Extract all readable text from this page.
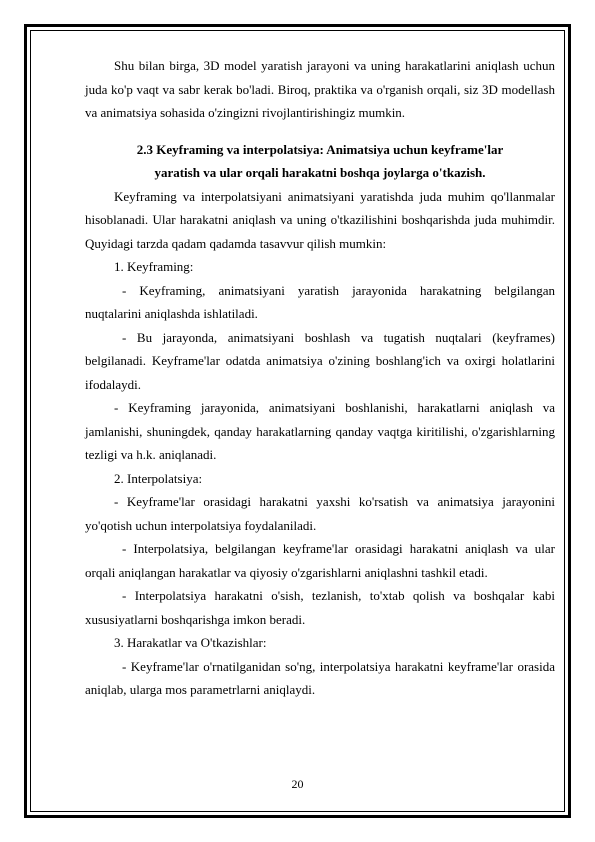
Shu bilan birga, 3D model yaratish jarayoni va uning harakatlarini aniqlash uchun juda ko'p vaqt va sabr kerak bo'ladi. Biroq, praktika va o'rganish orqali, siz 3D modellash va animatsiya sohasida o'zingizni rivojlantirishingiz mumkin.

2.3 Keyframing va interpolatsiya: Animatsiya uchun keyframe'lar
yaratish va ular orqali harakatni boshqa joylarga o'tkazish.

Keyframing va interpolatsiyani animatsiyani yaratishda juda muhim qo'llanmalar hisoblanadi. Ular harakatni aniqlash va uning o'tkazilishini boshqarishda juda muhimdir. Quyidagi tarzda qadam qadamda tasavvur qilish mumkin:

1. Keyframing:

- Keyframing, animatsiyani yaratish jarayonida harakatning belgilangan nuqtalarini aniqlashda ishlatiladi.

- Bu jarayonda, animatsiyani boshlash va tugatish nuqtalari (keyframes) belgilanadi. Keyframe'lar odatda animatsiya o'zining boshlang'ich va oxirgi holatlarini ifodalaydi.

- Keyframing jarayonida, animatsiyani boshlanishi, harakatlarni aniqlash va jamlanishi, shuningdek, qanday harakatlarning qanday vaqtga kiritilishi, o'zgarishlarning tezligi va h.k. aniqlanadi.

2. Interpolatsiya:

- Keyframe'lar orasidagi harakatni yaxshi ko'rsatish va animatsiya jarayonini yo'qotish uchun interpolatsiya foydalaniladi.

- Interpolatsiya, belgilangan keyframe'lar orasidagi harakatni aniqlash va ular orqali aniqlangan harakatlar va qiyosiy o'zgarishlarni aniqlashni tashkil etadi.

- Interpolatsiya harakatni o'sish, tezlanish, to'xtab qolish va boshqalar kabi xususiyatlarni boshqarishga imkon beradi.

3. Harakatlar va O'tkazishlar:

- Keyframe'lar o'rnatilganidan so'ng, interpolatsiya harakatni keyframe'lar orasida aniqlab, ularga mos parametrlarni aniqlaydi.

20
